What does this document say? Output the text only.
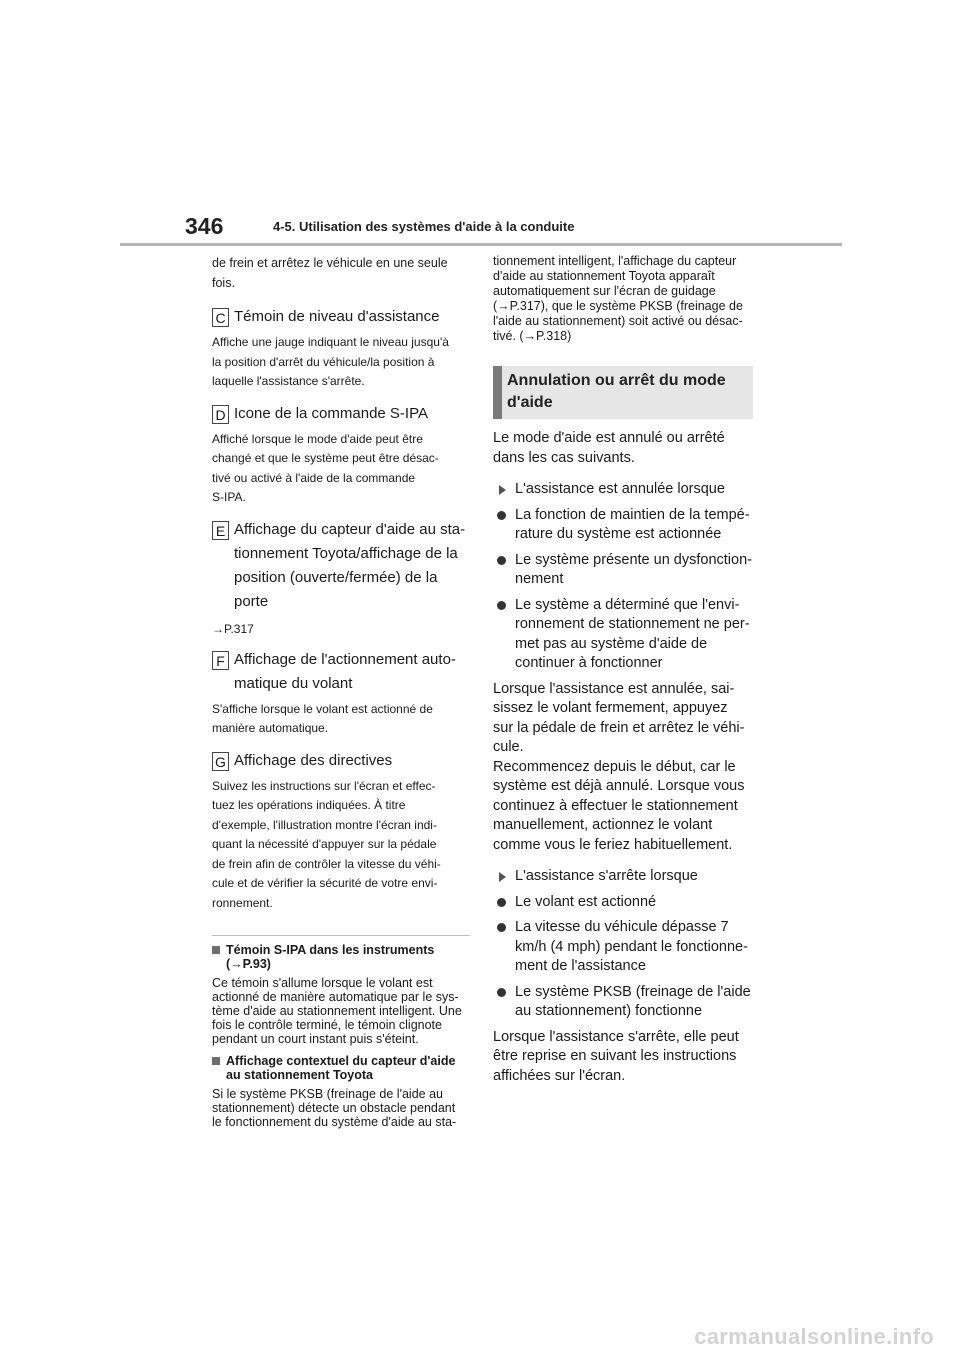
346	4-5. Utilisation des systèmes d'aide à la conduite

de frein et arrêtez le véhicule en une seule
fois.

C Témoin de niveau d'assistance

Affiche une jauge indiquant le niveau jusqu'à
la position d'arrêt du véhicule/la position à
laquelle l'assistance s'arrête.

D Icone de la commande S-IPA

Affiché lorsque le mode d'aide peut être
changé et que le système peut être désac-
tivé ou activé à l'aide de la commande
S-IPA.

E Affichage du capteur d'aide au sta-
tionnement Toyota/affichage de la
position (ouverte/fermée) de la
porte

→P.317

F Affichage de l'actionnement auto-
matique du volant

S'affiche lorsque le volant est actionné de
manière automatique.

G Affichage des directives

Suivez les instructions sur l'écran et effec-
tuez les opérations indiquées. À titre
d'exemple, l'illustration montre l'écran indi-
quant la nécessité d'appuyer sur la pédale
de frein afin de contrôler la vitesse du véhi-
cule et de vérifier la sécurité de votre envi-
ronnement.

Témoin S-IPA dans les instruments
(→P.93)

Ce témoin s'allume lorsque le volant est
actionné de manière automatique par le sys-
tème d'aide au stationnement intelligent. Une
fois le contrôle terminé, le témoin clignote
pendant un court instant puis s'éteint.

Affichage contextuel du capteur d'aide
au stationnement Toyota

Si le système PKSB (freinage de l'aide au
stationnement) détecte un obstacle pendant
le fonctionnement du système d'aide au sta-

tionnement intelligent, l'affichage du capteur
d'aide au stationnement Toyota apparaît
automatiquement sur l'écran de guidage
(→P.317), que le système PKSB (freinage de
l'aide au stationnement) soit activé ou désac-
tivé. (→P.318)

Annulation ou arrêt du mode
d'aide

Le mode d'aide est annulé ou arrêté
dans les cas suivants.

L'assistance est annulée lorsque
La fonction de maintien de la tempé-
rature du système est actionnée
Le système présente un dysfonction-
nement
Le système a déterminé que l'envi-
ronnement de stationnement ne per-
met pas au système d'aide de
continuer à fonctionner

Lorsque l'assistance est annulée, sai-
sissez le volant fermement, appuyez
sur la pédale de frein et arrêtez le véhi-
cule.
Recommencez depuis le début, car le
système est déjà annulé. Lorsque vous
continuez à effectuer le stationnement
manuellement, actionnez le volant
comme vous le feriez habituellement.

L'assistance s'arrête lorsque
Le volant est actionné
La vitesse du véhicule dépasse 7
km/h (4 mph) pendant le fonctionne-
ment de l'assistance
Le système PKSB (freinage de l'aide
au stationnement) fonctionne

Lorsque l'assistance s'arrête, elle peut
être reprise en suivant les instructions
affichées sur l'écran.

carmanualsonline.info
